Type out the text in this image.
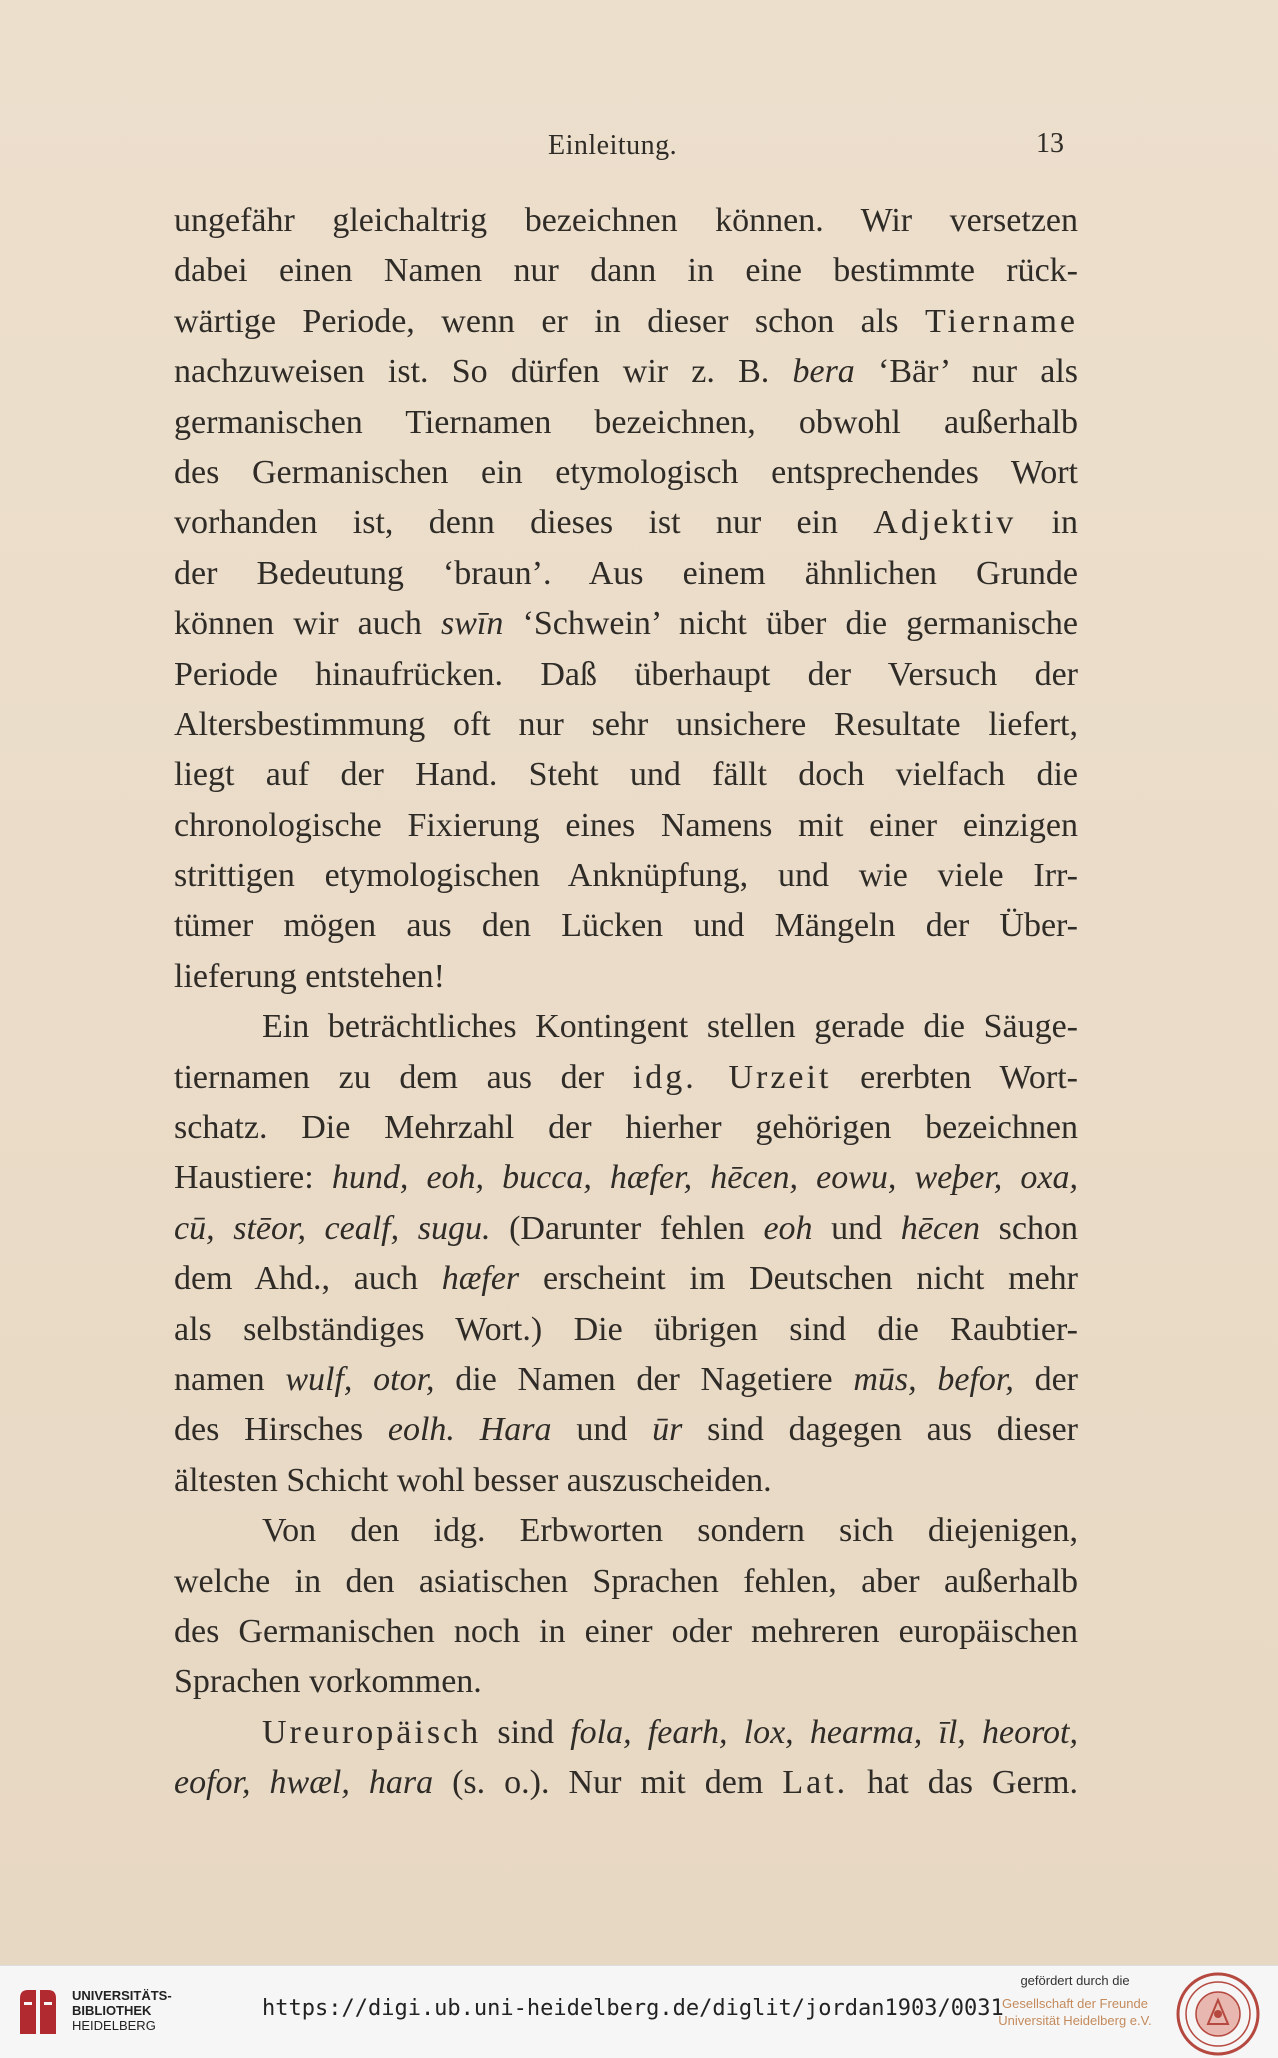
Einleitung.	13
ungefähr gleichaltrig bezeichnen können. Wir versetzen
dabei einen Namen nur dann in eine bestimmte rück-
wärtige Periode, wenn er in dieser schon als Tiername
nachzuweisen ist. So dürfen wir z. B. bera ‘Bär’ nur als
germanischen Tiernamen bezeichnen, obwohl außerhalb
des Germanischen ein etymologisch entsprechendes Wort
vorhanden ist, denn dieses ist nur ein Adjektiv in
der Bedeutung ‘braun’. Aus einem ähnlichen Grunde
können wir auch swīn ‘Schwein’ nicht über die germanische
Periode hinaufrücken. Daß überhaupt der Versuch der
Altersbestimmung oft nur sehr unsichere Resultate liefert,
liegt auf der Hand. Steht und fällt doch vielfach die
chronologische Fixierung eines Namens mit einer einzigen
strittigen etymologischen Anknüpfung, und wie viele Irr-
tümer mögen aus den Lücken und Mängeln der Über-
lieferung entstehen!
Ein beträchtliches Kontingent stellen gerade die Säuge-
tiernamen zu dem aus der idg. Urzeit ererbten Wort-
schatz. Die Mehrzahl der hierher gehörigen bezeichnen
Haustiere: hund, eoh, bucca, hæfer, hēcen, eowu, weþer, oxa,
cū, stēor, cealf, sugu. (Darunter fehlen eoh und hēcen schon
dem Ahd., auch hæfer erscheint im Deutschen nicht mehr
als selbständiges Wort.) Die übrigen sind die Raubtier-
namen wulf, otor, die Namen der Nagetiere mūs, befor, der
des Hirsches eolh. Hara und ūr sind dagegen aus dieser
ältesten Schicht wohl besser auszuscheiden.
Von den idg. Erbworten sondern sich diejenigen,
welche in den asiatischen Sprachen fehlen, aber außerhalb
des Germanischen noch in einer oder mehreren europäischen
Sprachen vorkommen.
Ureuropäisch sind fola, fearh, lox, hearma, īl, heorot,
eofor, hwæl, hara (s. o.). Nur mit dem Lat. hat das Germ.
UNIVERSITÄTS-
BIBLIOTHEK
HEIDELBERG
https://digi.ub.uni-heidelberg.de/diglit/jordan1903/0031
gefördert durch die
Gesellschaft der Freunde
Universität Heidelberg e.V.
